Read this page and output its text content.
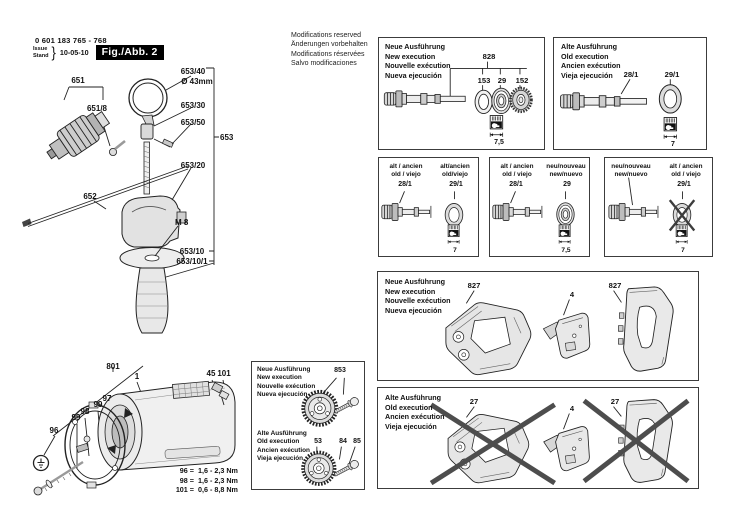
0 601 183 765 - 768
Issue
Stand } 10-05-10	Fig./Abb. 2
Modifications reserved
Änderungen vorbehalten
Modifications réservées
Salvo modificaciones
651
651/8
653/40
Ø 43mm
653/30
653/50
653
653/20
652
M 8
653/10
653/10/1
801
1	45 101
96
99
98
99
97
96 = 1,6 - 2,3 Nm
98 = 1,6 - 2,3 Nm
101 = 0,6 - 8,8 Nm
Neue Ausführung
New execution
Nouvelle exécution
Nueva ejecución
828
153 29 152
7,5
Alte Ausführung
Old execution
Ancien exécution
Vieja ejecución	28/1	29/1
7
alt / ancien
old / viejo
alt/ancien
old/viejo
28/1	29/1
7
alt / ancien
old / viejo
neu/nouveau
new/nuevo
28/1	29
7,5
neu/nouveau
new/nuevo
alt / ancien
old / viejo
29/1
7
Neue Ausführung
New execution
Nouvelle exécution
Nueva ejecución
853
Alte Ausführung
Old execution
Ancien exécution
Vieja ejecución
53 84 85
Neue Ausführung
New execution
Nouvelle exécution
Nueva ejecución
827
4
827
Alte Ausführung
Old execution
Ancien exécution
Vieja ejecución
27
4
27
